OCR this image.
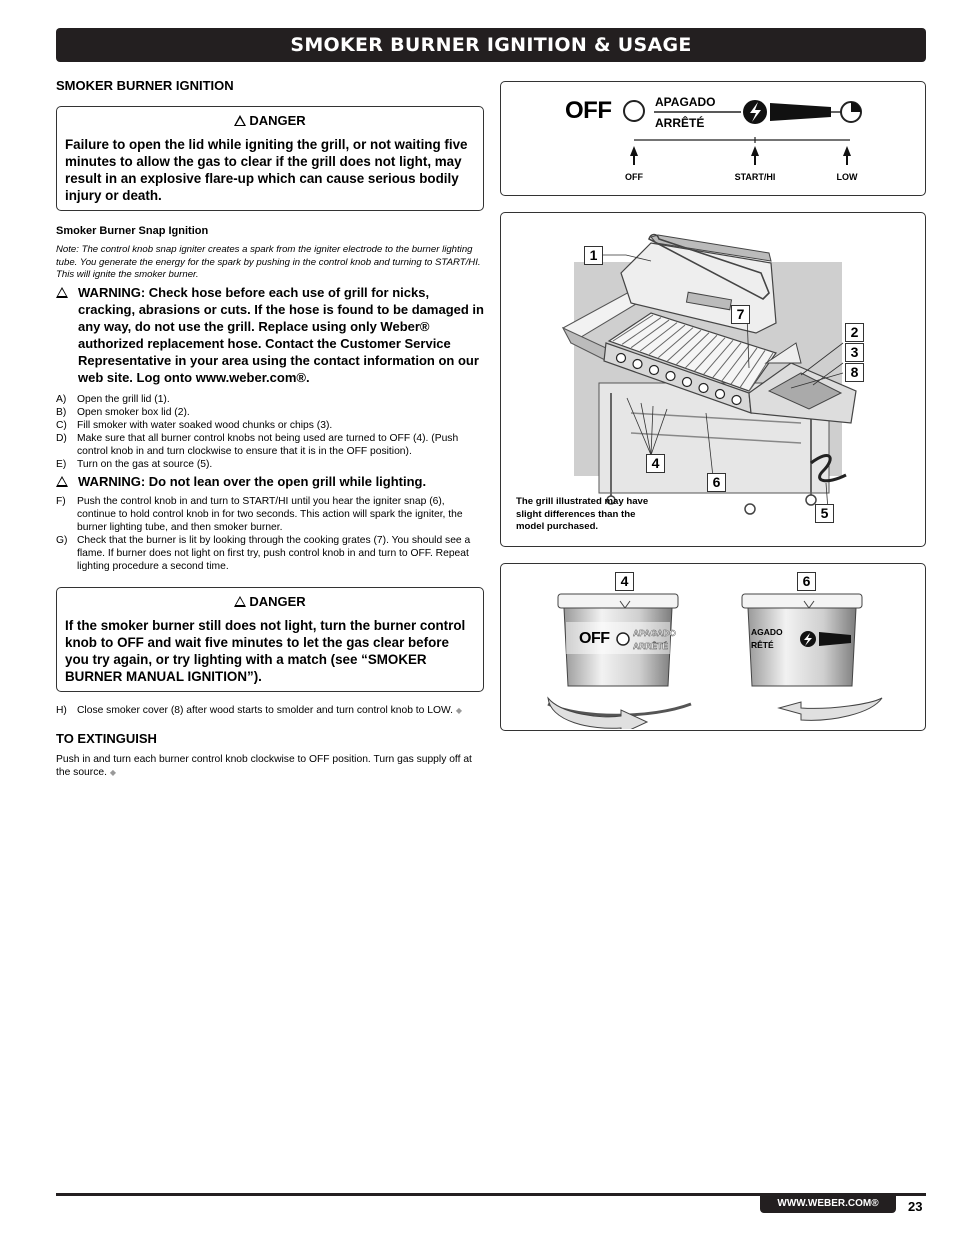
SMOKER BURNER IGNITION & USAGE

SMOKER BURNER IGNITION

DANGER
Failure to open the lid while igniting the grill, or not waiting five minutes to allow the gas to clear if the grill does not light, may result in an explosive flare-up which can cause serious bodily injury or death.
Smoker Burner Snap Ignition
Note: The control knob snap igniter creates a spark from the igniter electrode to the burner lighting tube. You generate the energy for the spark by pushing in the control knob and turning to START/HI. This will ignite the smoker burner.
WARNING: Check hose before each use of grill for nicks, cracking, abrasions or cuts. If the hose is found to be damaged in any way, do not use the grill. Replace using only Weber® authorized replacement hose. Contact the Customer Service Representative in your area using the contact information on our web site. Log onto www.weber.com®.
A)	Open the grill lid (1).
B)	Open smoker box lid (2).
C) Fill smoker with water soaked wood chunks or chips (3).
D) Make sure that all burner control knobs not being used are turned to OFF (4). (Push control knob in and turn clockwise to ensure that it is in the OFF position).
E)	Turn on the gas at source (5).
WARNING: Do not lean over the open grill while lighting.
F)	Push the control knob in and turn to START/HI until you hear the igniter snap (6), continue to hold control knob in for two seconds. This action will spark the igniter, the burner lighting tube, and then smoker burner.
G) Check that the burner is lit by looking through the cooking grates (7). You should see a flame. If burner does not light on first try, push control knob in and turn to OFF. Repeat lighting procedure a second time.
DANGER
If the smoker burner still does not light, turn the burner control knob to OFF and wait five minutes to let the gas clear before you try again, or try lighting with a match (see “SMOKER BURNER MANUAL IGNITION”).
H) Close smoker cover (8) after wood starts to smolder and turn control knob to LOW. ◆

TO EXTINGUISH

Push in and turn each burner control knob clockwise to OFF position. Turn gas supply off at the source. ◆
OFF	APAGADO
ARRÊTÉ
OFF	START/HI	LOW
1
7
2
3
8
4
6
5
The grill illustrated may have slight differences than the model purchased.
4	6
OFF	APAGADO
ARRÊTÉ
AGADO
RÊTÉ
WWW.WEBER.COM®	23
